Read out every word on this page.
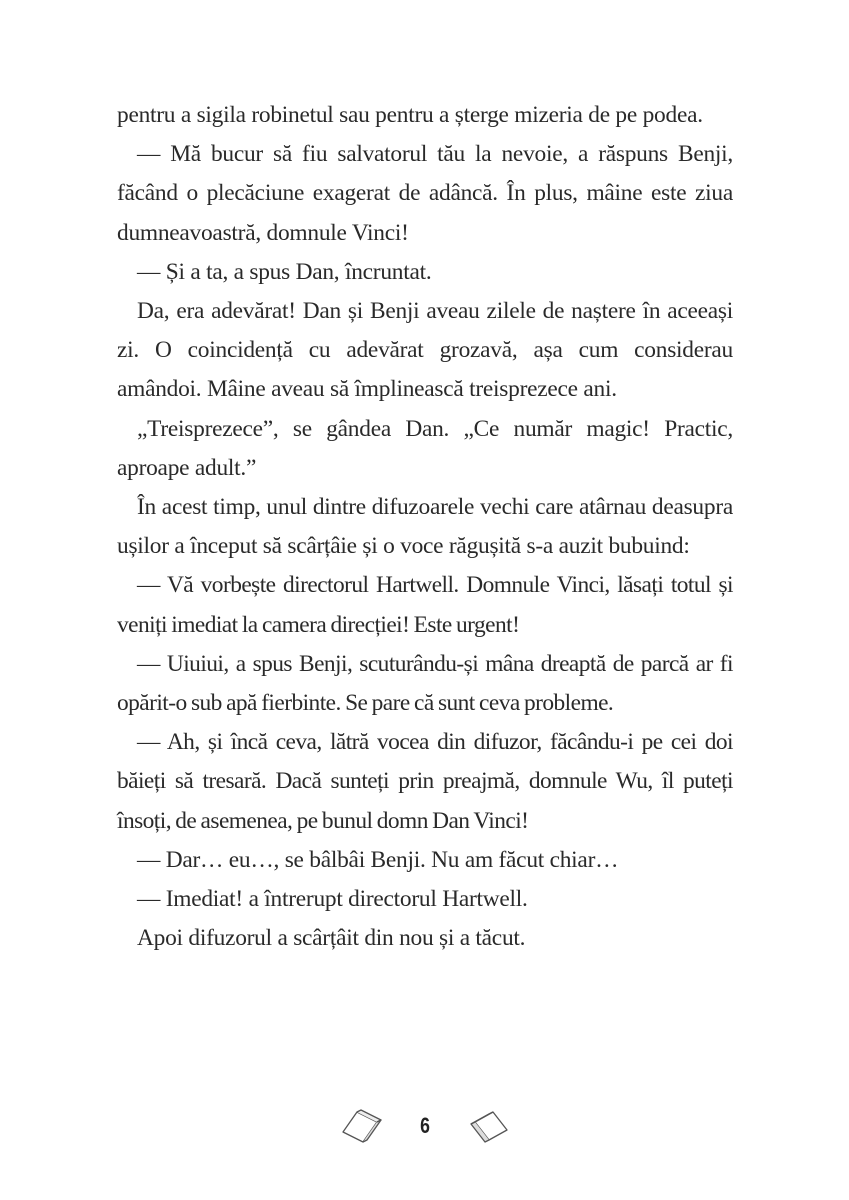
pentru a sigila robinetul sau pentru a șterge mizeria de pe podea.

— Mă bucur să fiu salvatorul tău la nevoie, a răspuns Benji, făcând o plecăciune exagerat de adâncă. În plus, mâine este ziua dumneavoastră, domnule Vinci!

— Și a ta, a spus Dan, încruntat.

Da, era adevărat! Dan și Benji aveau zilele de naștere în aceeași zi. O coincidență cu adevărat grozavă, așa cum considerau amândoi. Mâine aveau să împlinească treisprezece ani.

„Treisprezece”, se gândea Dan. „Ce număr magic! Practic, aproape adult.”

În acest timp, unul dintre difuzoarele vechi care atârnau deasupra ușilor a început să scârțâie și o voce răgușită s-a auzit bubuind:

— Vă vorbește directorul Hartwell. Domnule Vinci, lăsați totul și veniți imediat la camera direcției! Este urgent!

— Uiuiui, a spus Benji, scuturându-și mâna dreaptă de parcă ar fi opărit-o sub apă fierbinte. Se pare că sunt ceva probleme.

— Ah, și încă ceva, lătră vocea din difuzor, făcându-i pe cei doi băieți să tresară. Dacă sunteți prin preajmă, domnule Wu, îl puteți însoți, de asemenea, pe bunul domn Dan Vinci!

— Dar… eu…, se bâlbâi Benji. Nu am făcut chiar…

— Imediat! a întrerupt directorul Hartwell.

Apoi difuzorul a scârțâit din nou și a tăcut.

6
